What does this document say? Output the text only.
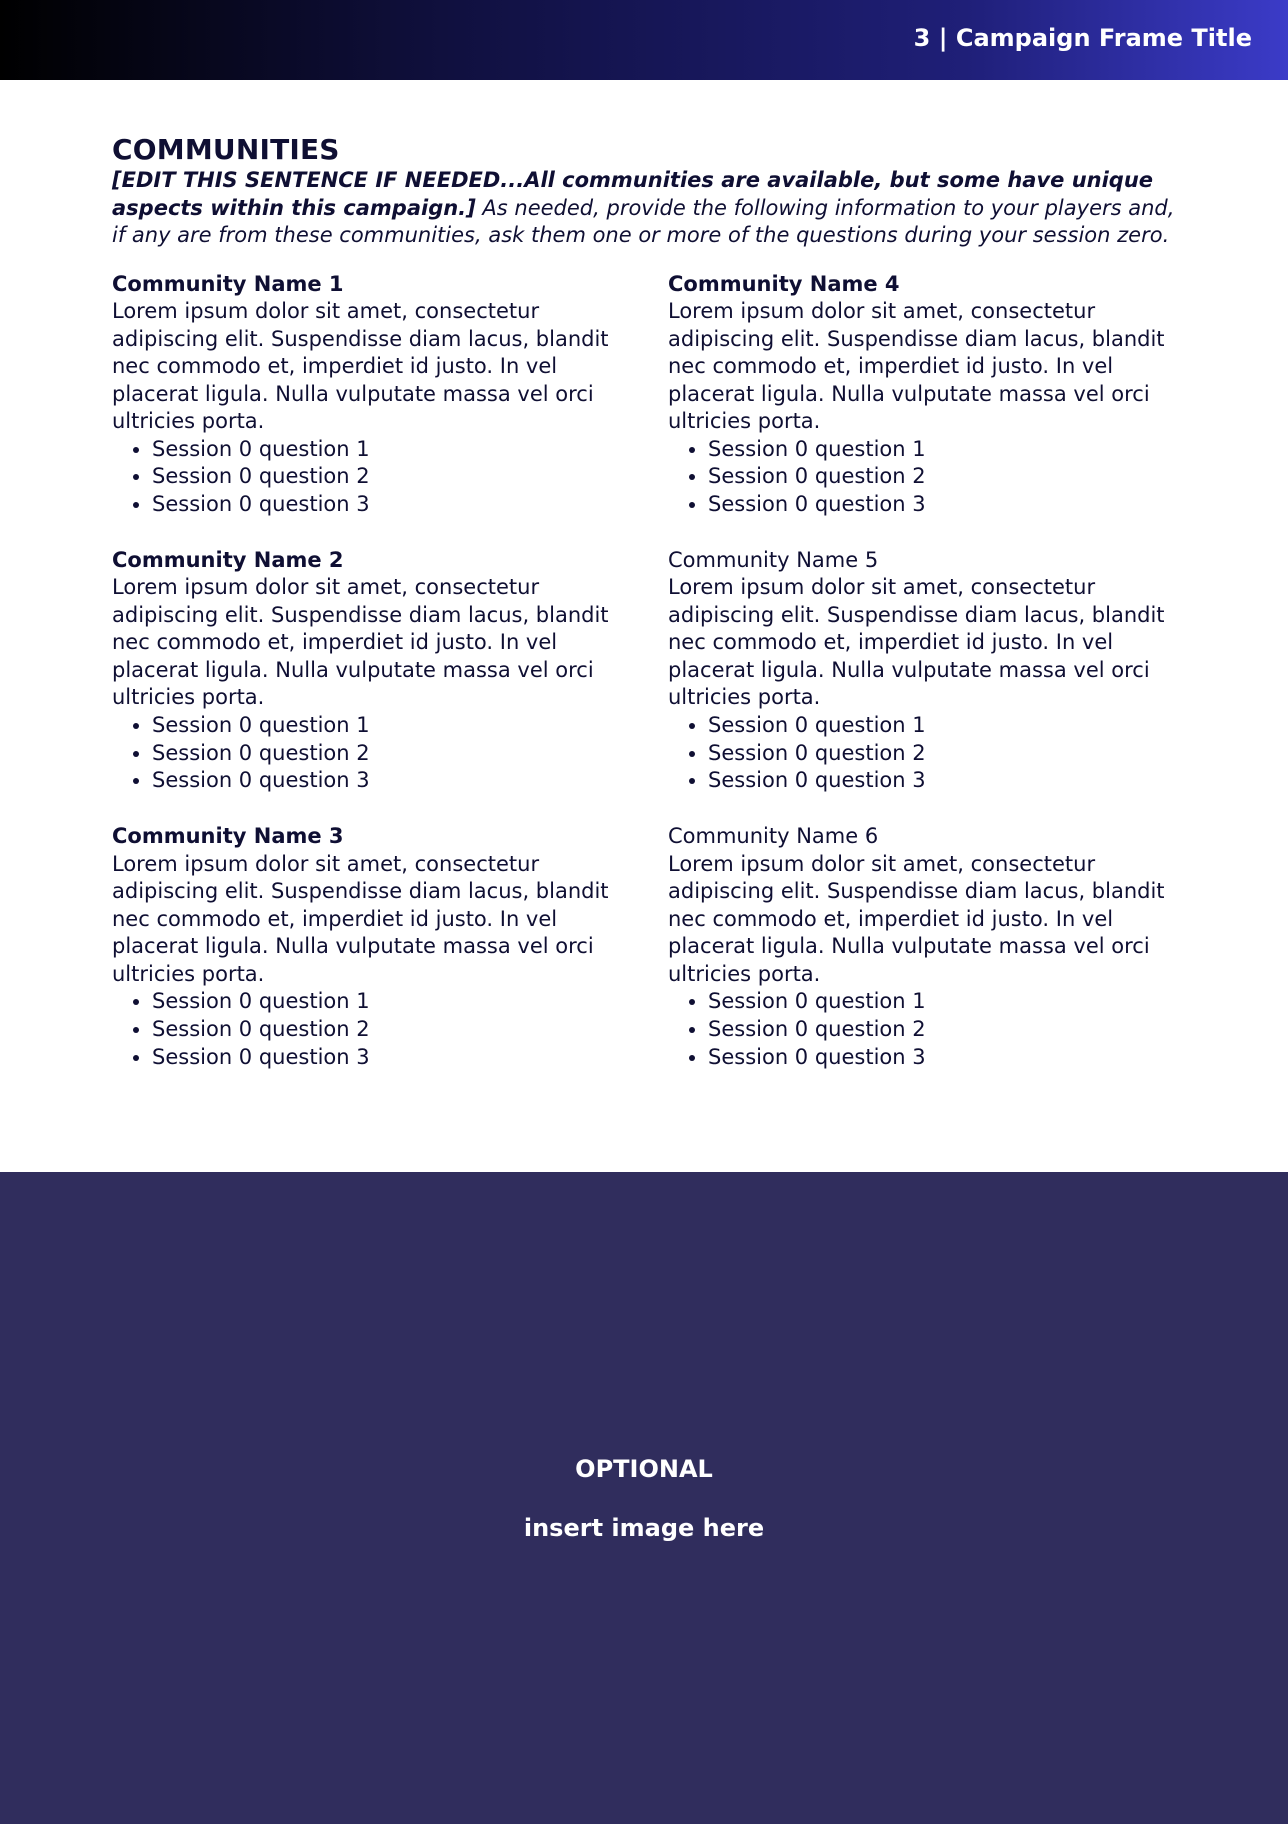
3 | Campaign Frame Title
COMMUNITIES

[EDIT THIS SENTENCE IF NEEDED...All communities are available, but some have unique aspects within this campaign.] As needed, provide the following information to your players and, if any are from these communities, ask them one or more of the questions during your session zero.

Community Name 1

Lorem ipsum dolor sit amet, consectetur adipiscing elit. Suspendisse diam lacus, blandit nec commodo et, imperdiet id justo. In vel placerat ligula. Nulla vulputate massa vel orci ultricies porta.

• Session 0 question 1
• Session 0 question 2
• Session 0 question 3

Community Name 2

Lorem ipsum dolor sit amet, consectetur adipiscing elit. Suspendisse diam lacus, blandit nec commodo et, imperdiet id justo. In vel placerat ligula. Nulla vulputate massa vel orci ultricies porta.

• Session 0 question 1
• Session 0 question 2
• Session 0 question 3

Community Name 3

Lorem ipsum dolor sit amet, consectetur adipiscing elit. Suspendisse diam lacus, blandit nec commodo et, imperdiet id justo. In vel placerat ligula. Nulla vulputate massa vel orci ultricies porta.

• Session 0 question 1
• Session 0 question 2
• Session 0 question 3

Community Name 4

Lorem ipsum dolor sit amet, consectetur adipiscing elit. Suspendisse diam lacus, blandit nec commodo et, imperdiet id justo. In vel placerat ligula. Nulla vulputate massa vel orci ultricies porta.

• Session 0 question 1
• Session 0 question 2
• Session 0 question 3

Community Name 5

Lorem ipsum dolor sit amet, consectetur adipiscing elit. Suspendisse diam lacus, blandit nec commodo et, imperdiet id justo. In vel placerat ligula. Nulla vulputate massa vel orci ultricies porta.

• Session 0 question 1
• Session 0 question 2
• Session 0 question 3

Community Name 6

Lorem ipsum dolor sit amet, consectetur adipiscing elit. Suspendisse diam lacus, blandit nec commodo et, imperdiet id justo. In vel placerat ligula. Nulla vulputate massa vel orci ultricies porta.

• Session 0 question 1
• Session 0 question 2
• Session 0 question 3
OPTIONAL
insert image here
